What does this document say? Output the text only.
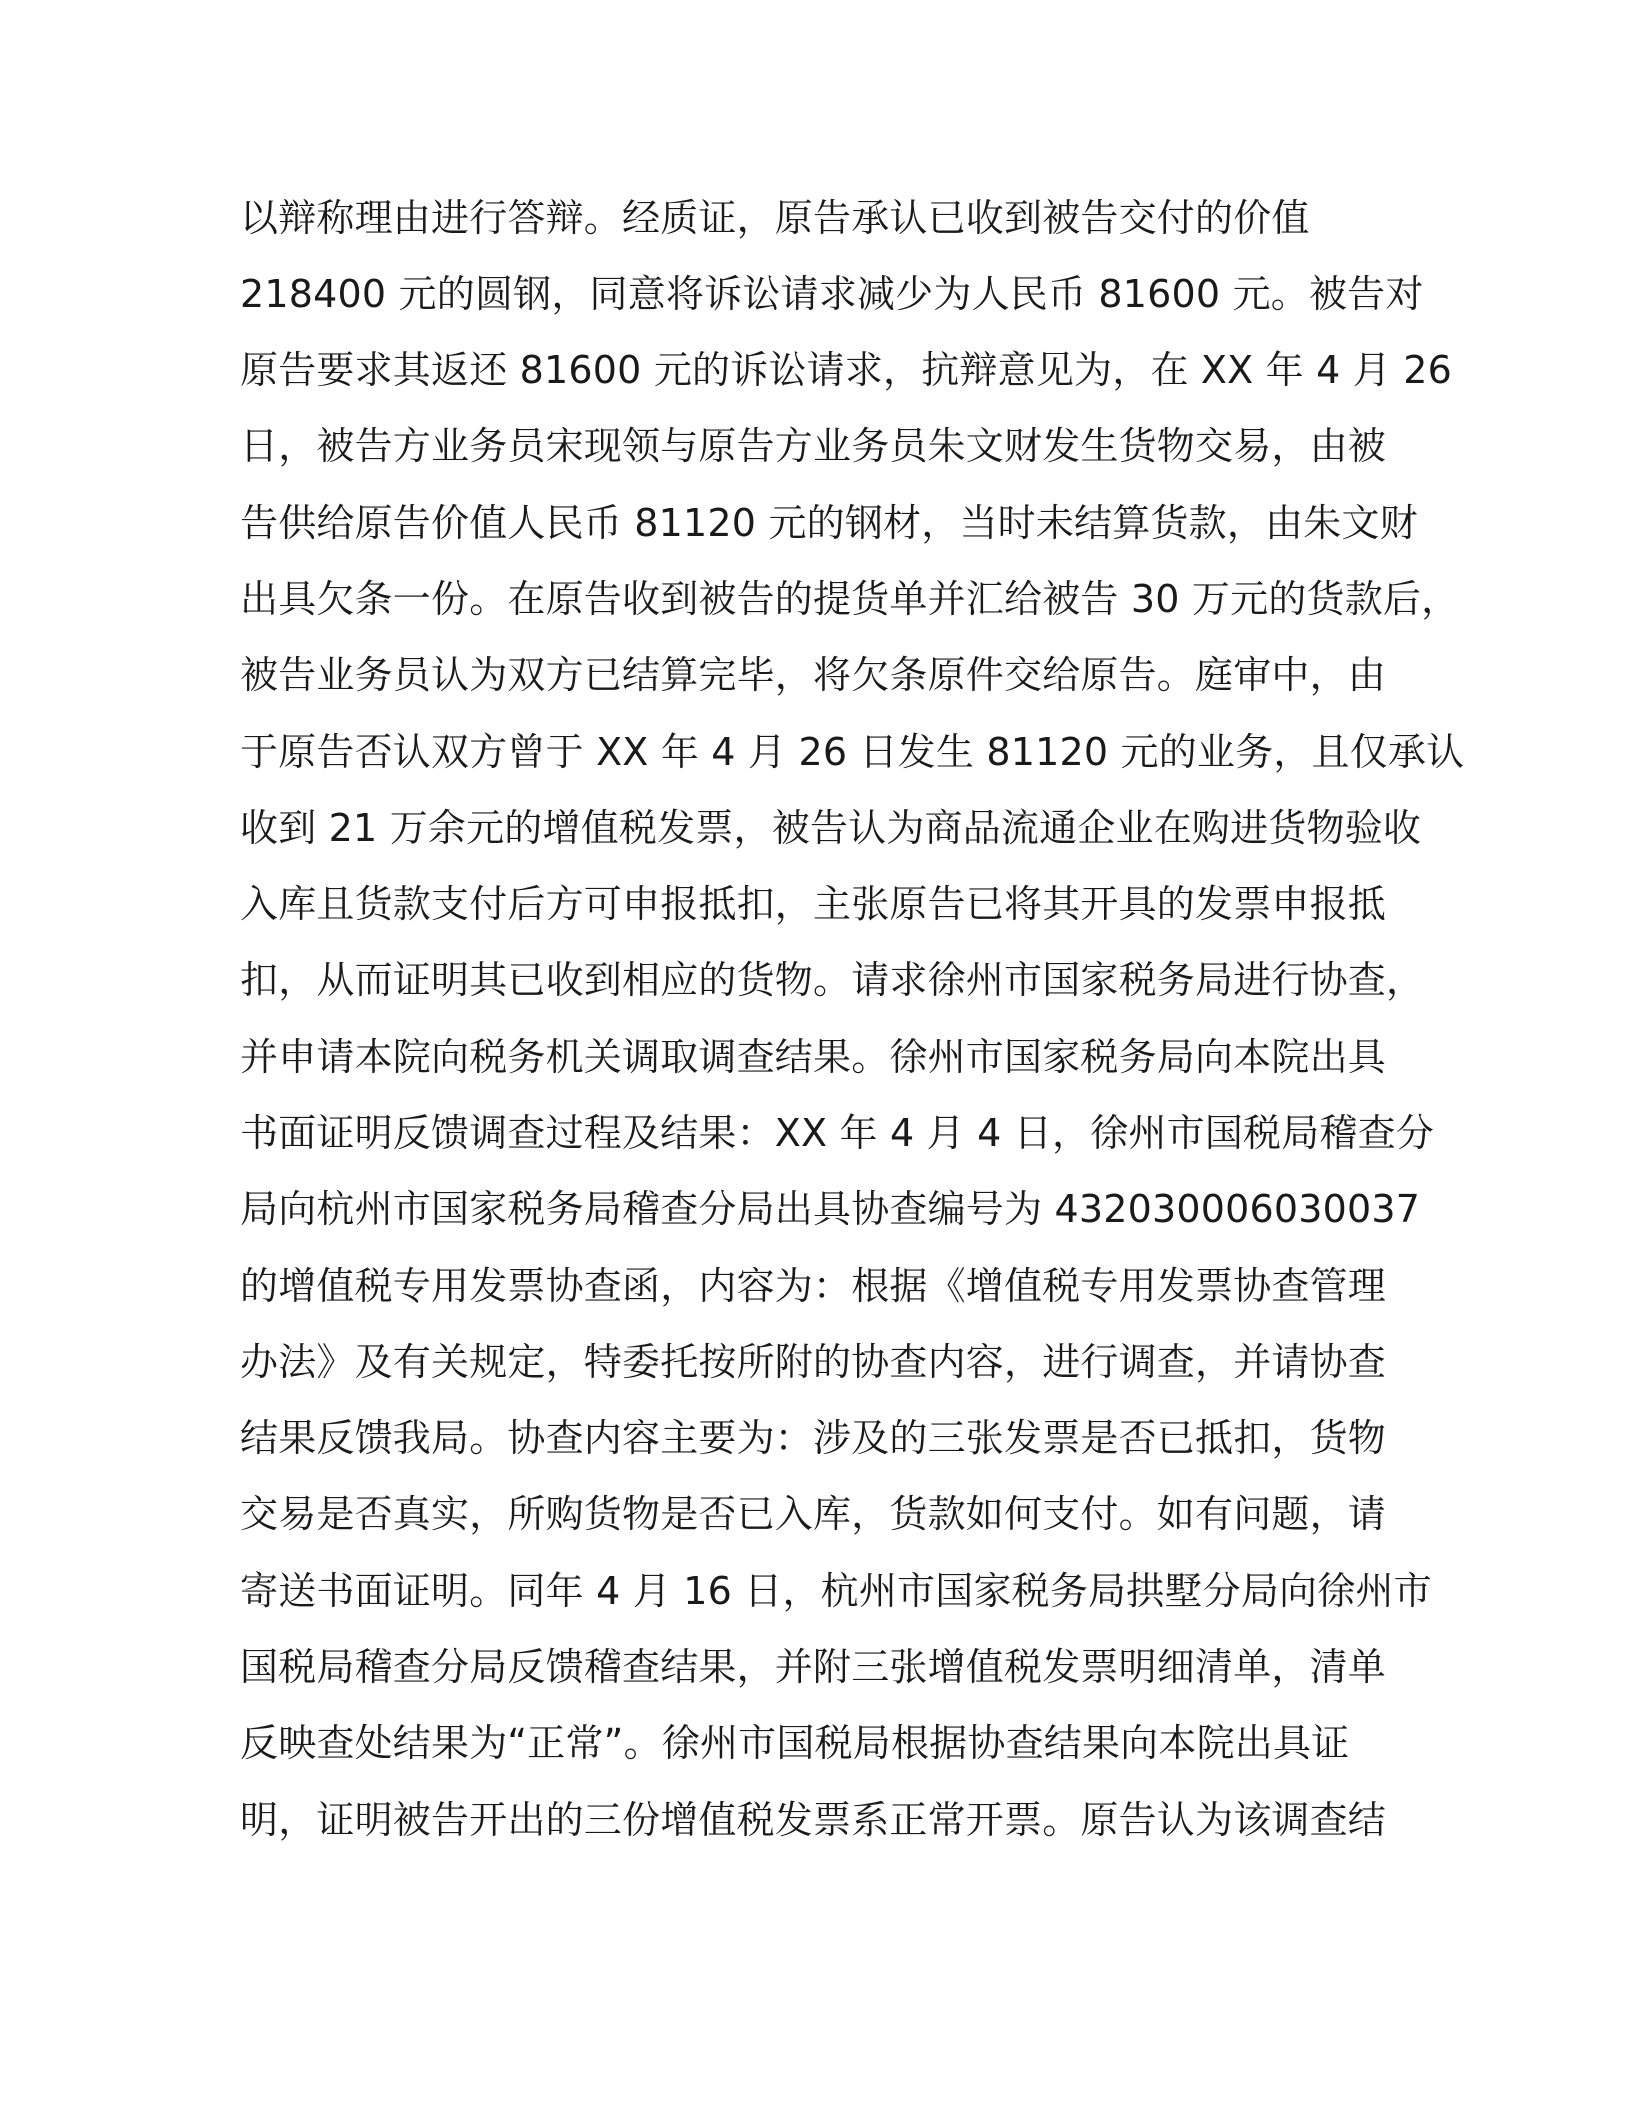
以辩称理由进行答辩。经质证，原告承认已收到被告交付的价值

218400 元的圆钢，同意将诉讼请求减少为人民币 81600 元。被告对

原告要求其返还 81600 元的诉讼请求，抗辩意见为，在 XX 年 4 月 26

日，被告方业务员宋现领与原告方业务员朱文财发生货物交易，由被

告供给原告价值人民币 81120 元的钢材，当时未结算货款，由朱文财

出具欠条一份。在原告收到被告的提货单并汇给被告 30 万元的货款后，

被告业务员认为双方已结算完毕，将欠条原件交给原告。庭审中，由

于原告否认双方曾于 XX 年 4 月 26 日发生 81120 元的业务，且仅承认

收到 21 万余元的增值税发票，被告认为商品流通企业在购进货物验收

入库且货款支付后方可申报抵扣，主张原告已将其开具的发票申报抵

扣，从而证明其已收到相应的货物。请求徐州市国家税务局进行协查，

并申请本院向税务机关调取调查结果。徐州市国家税务局向本院出具

书面证明反馈调查过程及结果：XX 年 4 月 4 日，徐州市国税局稽查分

局向杭州市国家税务局稽查分局出具协查编号为 432030006030037

的增值税专用发票协查函，内容为：根据《增值税专用发票协查管理

办法》及有关规定，特委托按所附的协查内容，进行调查，并请协查

结果反馈我局。协查内容主要为：涉及的三张发票是否已抵扣，货物

交易是否真实，所购货物是否已入库，货款如何支付。如有问题，请

寄送书面证明。同年 4 月 16 日，杭州市国家税务局拱墅分局向徐州市

国税局稽查分局反馈稽查结果，并附三张增值税发票明细清单，清单

反映查处结果为“正常”。徐州市国税局根据协查结果向本院出具证

明，证明被告开出的三份增值税发票系正常开票。原告认为该调查结
